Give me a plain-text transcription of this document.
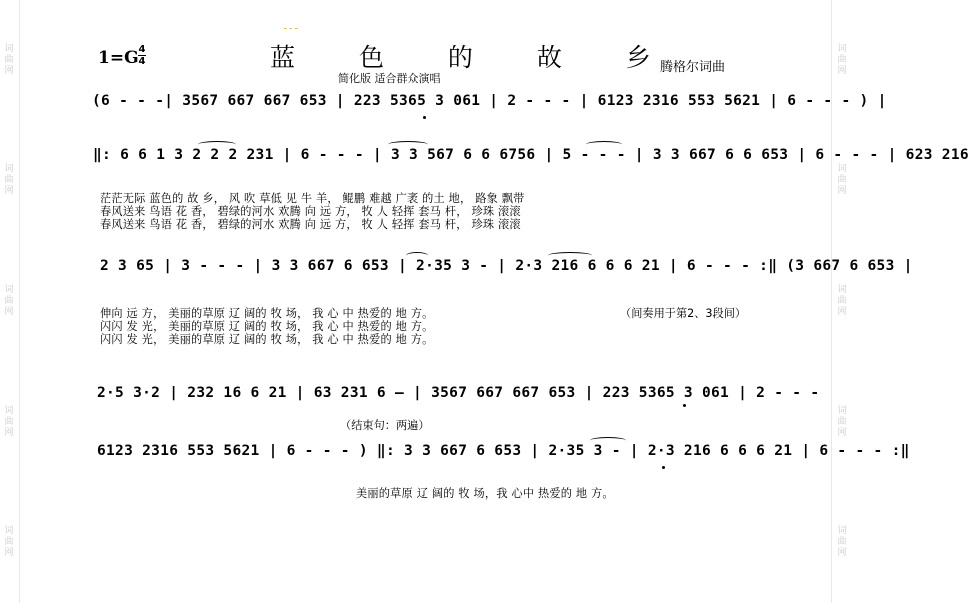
词
曲
网
词
曲
网
词
曲
网
词
曲
网
词
曲
网
词
曲
网
词
曲
网
词
曲
网
词
曲
网
词
曲
网
1=G 4
4
˜˜˜
蓝 色 的 故 乡
简化版 适合群众演唱
腾格尔词曲
(6 - - -| 3567 667 667 653 | 223 5365 3 061 | 2 - - - | 6123 2316 553 5621 | 6 - - - ) |
‖: 6 6 1 3 2 2 2 231 | 6 - - - | 3 3 567 6 6 6756 | 5 - - - | 3 3 667 6 6 653 | 6 - - - | 623 216
茫茫无际 蓝色的 故 乡， 风 吹 草低 见 牛 羊， 鲲鹏 难越 广袤 的土 地， 路象 飘带
春风送来 鸟语 花 香， 碧绿的河水 欢腾 向 远 方， 牧 人 轻挥 套马 杆， 珍珠 滚滚
春风送来 鸟语 花 香， 碧绿的河水 欢腾 向 远 方， 牧 人 轻挥 套马 杆， 珍珠 滚滚
2 3 65 | 3 - - - | 3 3 667 6 653 | 2·35 3 - | 2·3 216 6 6 6 21 | 6 - - - :‖ (3 667 6 653 |
伸向 远 方， 美丽的草原 辽 阔的 牧 场， 我 心 中 热爱的 地 方。
闪闪 发 光， 美丽的草原 辽 阔的 牧 场， 我 心 中 热爱的 地 方。
闪闪 发 光， 美丽的草原 辽 阔的 牧 场， 我 心 中 热爱的 地 方。
（间奏用于第2、3段间）
2·5 3·2 | 232 16 6 21 | 63 231 6 — | 3567 667 667 653 | 223 5365 3 061 | 2 - - -
（结束句：两遍）
6123 2316 553 5621 | 6 - - - ) ‖: 3 3 667 6 653 | 2·35 3 - | 2·3 216 6 6 6 21 | 6 - - - :‖
美丽的草原 辽 阔的 牧 场，我 心中 热爱的 地 方。
